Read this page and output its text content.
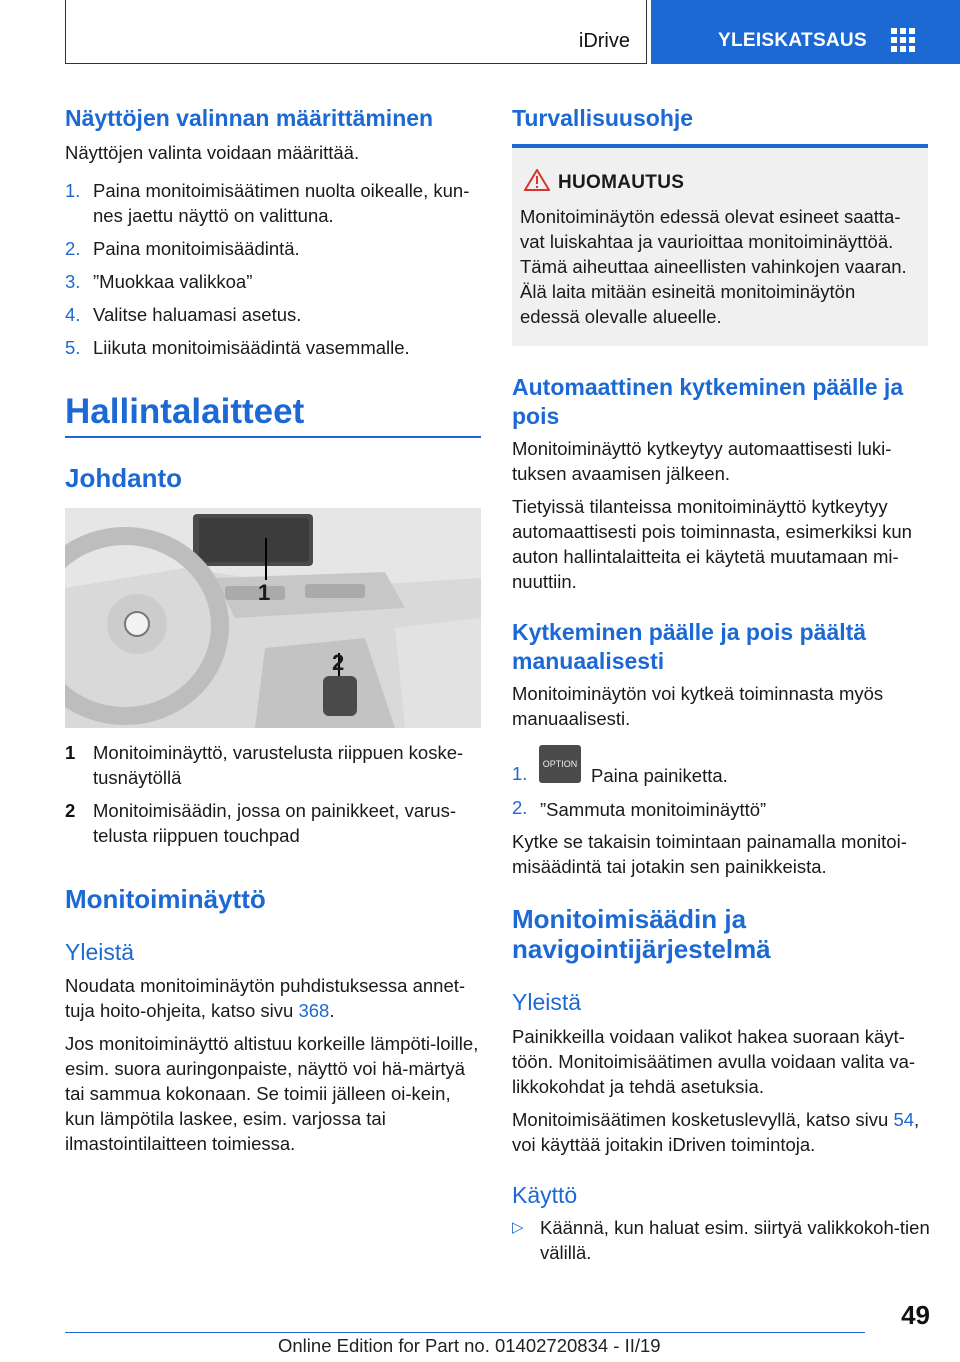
iDrive	YLEISKATSAUS
Näyttöjen valinnan määrittäminen
Näyttöjen valinta voidaan määrittää.
1. Paina monitoimisäätimen nuolta oikealle, kun-nes jaettu näyttö on valittuna.
2. Paina monitoimisäädintä.
3. ”Muokkaa valikkoa”
4. Valitse haluamasi asetus.
5. Liikuta monitoimisäädintä vasemmalle.
Hallintalaitteet
Johdanto
1
2
1 Monitoiminäyttö, varustelusta riippuen koske-tusnäytöllä
2 Monitoimisäädin, jossa on painikkeet, varus-telusta riippuen touchpad
Monitoiminäyttö
Yleistä
Noudata monitoiminäytön puhdistuksessa annet-tuja hoito-ohjeita, katso sivu 368.
Jos monitoiminäyttö altistuu korkeille lämpöti-loille, esim. suora auringonpaiste, näyttö voi hä-märtyä tai sammua kokonaan. Se toimii jälleen oi-kein, kun lämpötila laskee, esim. varjossa tai ilmastointilaitteen toimiessa.
Turvallisuusohje
HUOMAUTUS
Monitoiminäytön edessä olevat esineet saatta-vat luiskahtaa ja vaurioittaa monitoiminäyttöä. Tämä aiheuttaa aineellisten vahinkojen vaaran. Älä laita mitään esineitä monitoiminäytön edessä olevalle alueelle.
Automaattinen kytkeminen päälle ja pois
Monitoiminäyttö kytkeytyy automaattisesti luki-tuksen avaamisen jälkeen.
Tietyissä tilanteissa monitoiminäyttö kytkeytyy automaattisesti pois toiminnasta, esimerkiksi kun auton hallintalaitteita ei käytetä muutamaan mi-nuuttiin.
Kytkeminen päälle ja pois päältä manuaalisesti
Monitoiminäytön voi kytkeä toiminnasta myös manuaalisesti.
1.	OPTION
Paina painiketta.
2. ”Sammuta monitoiminäyttö”
Kytke se takaisin toimintaan painamalla monitoi-misäädintä tai jotakin sen painikkeista.
Monitoimisäädin ja navigointijärjestelmä
Yleistä
Painikkeilla voidaan valikot hakea suoraan käyt-töön. Monitoimisäätimen avulla voidaan valita va-likkokohdat ja tehdä asetuksia.
Monitoimisäätimen kosketuslevyllä, katso sivu 54, voi käyttää joitakin iDriven toimintoja.
Käyttö
▷ Käännä, kun haluat esim. siirtyä valikkokoh-tien välillä.
49
Online Edition for Part no. 01402720834 - II/19
